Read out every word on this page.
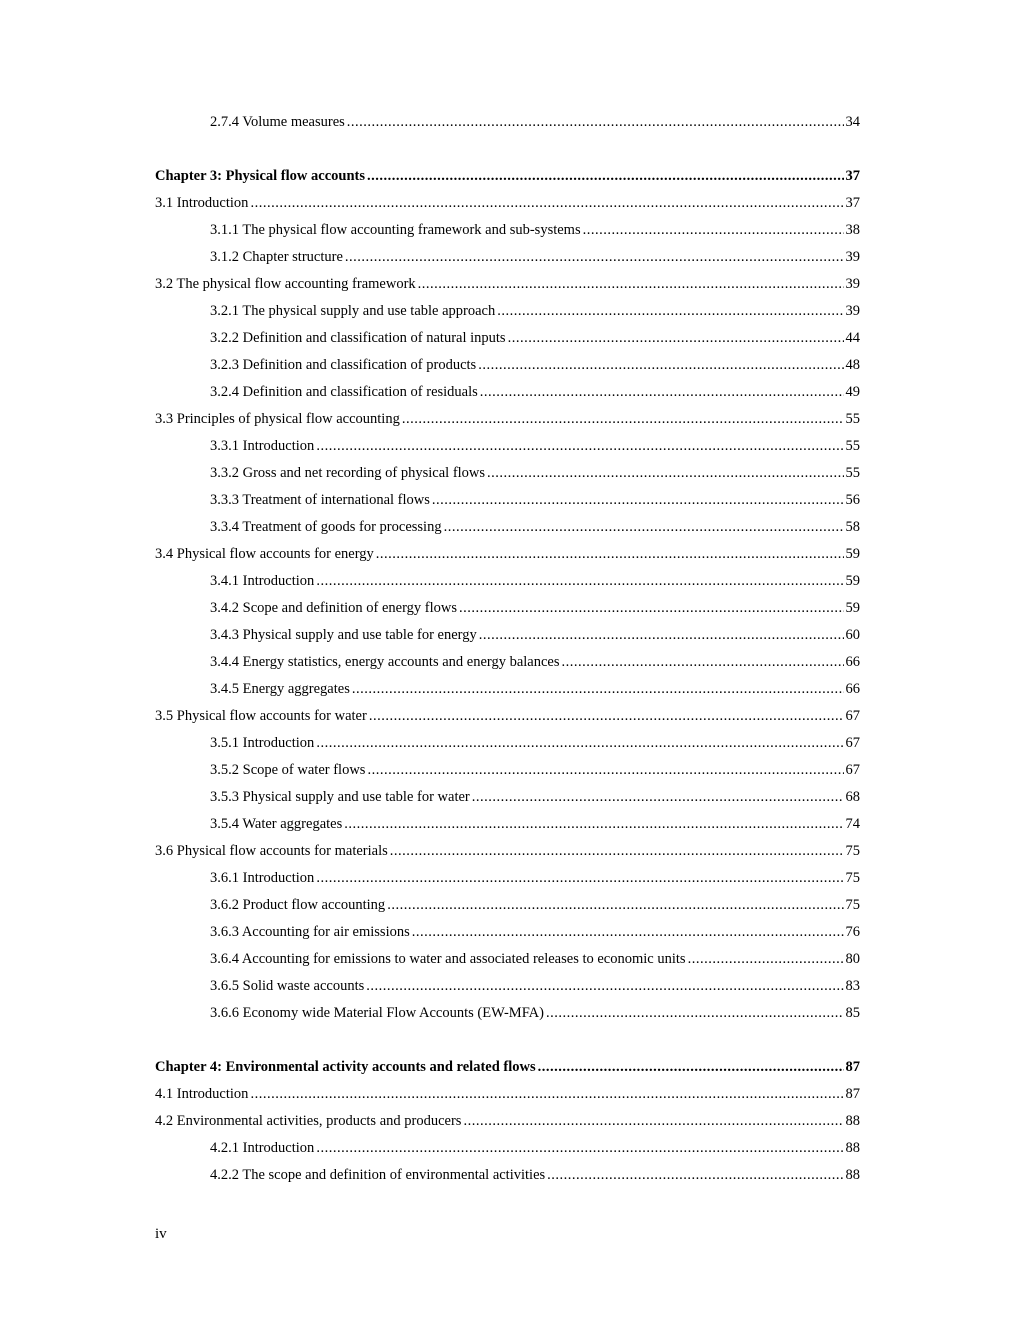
2.7.4 Volume measures .....	34
Chapter 3: Physical flow accounts .....	37
3.1 Introduction .....	37
3.1.1 The physical flow accounting framework and sub-systems .....	38
3.1.2 Chapter structure .....	39
3.2 The physical flow accounting framework .....	39
3.2.1 The physical supply and use table approach .....	39
3.2.2 Definition and classification of natural inputs .....	44
3.2.3 Definition and classification of products .....	48
3.2.4 Definition and classification of residuals .....	49
3.3 Principles of physical flow accounting .....	55
3.3.1 Introduction .....	55
3.3.2 Gross and net recording of physical flows .....	55
3.3.3 Treatment of international flows .....	56
3.3.4 Treatment of goods for processing .....	58
3.4 Physical flow accounts for energy .....	59
3.4.1 Introduction .....	59
3.4.2 Scope and definition of energy flows .....	59
3.4.3 Physical supply and use table for energy .....	60
3.4.4 Energy statistics, energy accounts and energy balances .....	66
3.4.5 Energy aggregates .....	66
3.5 Physical flow accounts for water .....	67
3.5.1 Introduction .....	67
3.5.2 Scope of water flows .....	67
3.5.3 Physical supply and use table for water .....	68
3.5.4 Water aggregates .....	74
3.6 Physical flow accounts for materials .....	75
3.6.1 Introduction .....	75
3.6.2 Product flow accounting .....	75
3.6.3 Accounting for air emissions .....	76
3.6.4 Accounting for emissions to water and associated releases to economic units .....	80
3.6.5 Solid waste accounts .....	83
3.6.6 Economy wide Material Flow Accounts (EW-MFA) .....	85
Chapter 4: Environmental activity accounts and related flows .....	87
4.1 Introduction .....	87
4.2 Environmental activities, products and producers .....	88
4.2.1 Introduction .....	88
4.2.2 The scope and definition of environmental activities .....	88
iv
